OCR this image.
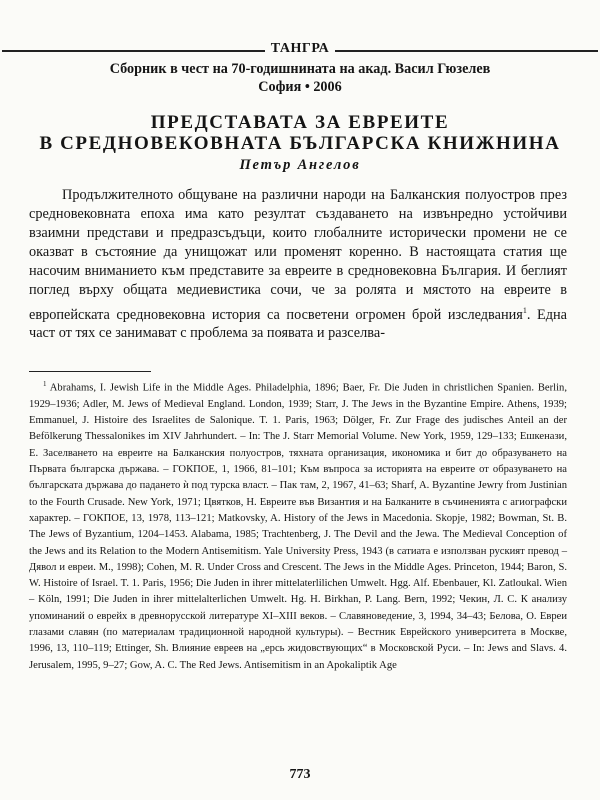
ТАНГРА
Сборник в чест на 70-годишнината на акад. Васил Гюзелев
София • 2006
ПРЕДСТАВАТА ЗА ЕВРЕИТЕ
В СРЕДНОВЕКОВНАТА БЪЛГАРСКА КНИЖНИНА
Петър Ангелов

Продължителното общуване на различни народи на Балканския полуостров през средновековната епоха има като резултат създаването на извънредно устойчиви взаимни представи и предразсъдъци, които глобалните исторически промени не се оказват в състояние да унищожат или променят коренно. В настоящата статия ще насочим вниманието към представите за евреите в средновековна България. И беглият поглед върху общата медиевистика сочи, че за ролята и мястото на евреите в европейската средновековна история са посветени огромен брой изследвания$^1$. Една част от тях се занимават с проблема за появата и разселва-

$^1$ Abrahams, I. Jewish Life in the Middle Ages. Philadelphia, 1896; Baer, Fr. Die Juden in christlichen Spanien. Berlin, 1929–1936; Adler, M. Jews of Medieval England. London, 1939; Starr, J. The Jews in the Byzantine Empire. Athens, 1939; Emmanuel, J. Histoire des Israelites de Salonique. T. 1. Paris, 1963; Dölger, Fr. Zur Frage des judisches Anteil an der Befölkerung Thessalonikes im XIV Jahrhundert. – In: The J. Starr Memorial Volume. New York, 1959, 129–133; Ешкенази, Е. Заселването на евреите на Балканския полуостров, тяхната организация, икономика и бит до образуването на Първата българска държава. – ГОКПОЕ, 1, 1966, 81–101; Към въпроса за историята на евреите от образуването на българската държава до падането ѝ под турска власт. – Пак там, 2, 1967, 41–63; Sharf, A. Byzantine Jewry from Justinian to the Fourth Crusade. New York, 1971; Цвятков, Н. Евреите във Византия и на Балканите в съчиненията с агиографски характер. – ГОКПОЕ, 13, 1978, 113–121; Matkovsky, A. History of the Jews in Macedonia. Skopje, 1982; Bowman, St. B. The Jews of Byzantium, 1204–1453. Alabama, 1985; Trachtenberg, J. The Devil and the Jewa. The Medieval Conception of the Jews and its Relation to the Modern Antisemitism. Yale University Press, 1943 (в сатиата е използван руският превод – Дявол и евреи. М., 1998); Cohen, M. R. Under Cross and Crescent. The Jews in the Middle Ages. Princeton, 1944; Baron, S. W. Histoire of Israel. T. 1. Paris, 1956; Die Juden in ihrer mittelaterlilichen Umwelt. Hgg. Alf. Ebenbauer, Kl. Zatloukal. Wien – Köln, 1991; Die Juden in ihrer mittelalterlichen Umwelt. Hg. H. Birkhan, P. Lang. Bern, 1992; Чекин, Л. С. К анализу упоминаний о еврейх в древнорусской литературе XI–XIII веков. – Славяноведение, 3, 1994, 34–43; Белова, О. Евреи глазами славян (по материалам традиционной народной культуры). – Вестник Еврейского университета в Москве, 1996, 13, 110–119; Ettinger, Sh. Влияние евреев на „ерсь жидовствующих“ в Московской Руси. – In: Jews and Slavs. 4. Jerusalem, 1995, 9–27; Gow, A. C. The Red Jews. Antisemitism in an Apokaliptik Age

773
